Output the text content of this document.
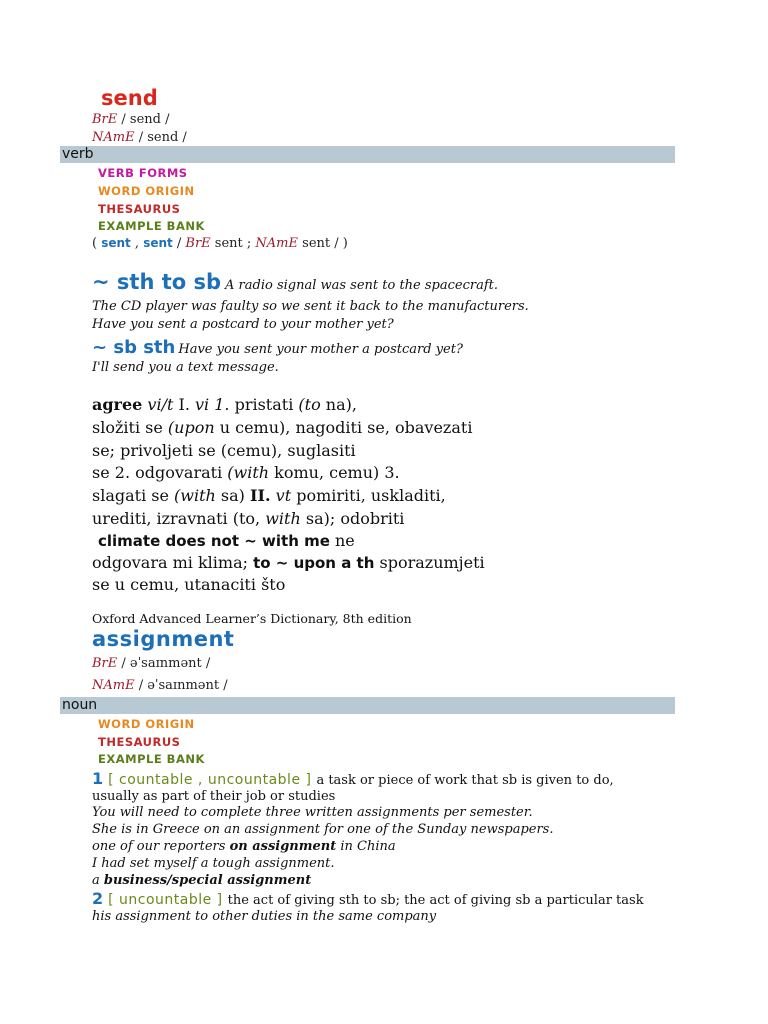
send
BrE / send /
NAmE / send /
verb
VERB FORMS
WORD ORIGIN
THESAURUS
EXAMPLE BANK
( sent , sent / BrE sent ; NAmE sent / )
~ sth to sb A radio signal was sent to the spacecraft.
The CD player was faulty so we sent it back to the manufacturers.
Have you sent a postcard to your mother yet?
~ sb sth Have you sent your mother a postcard yet?
I'll send you a text message.
agree vi/t I. vi 1. pristati (to na),
složiti se (upon u cemu), nagoditi se, obavezati
se; privoljeti se (cemu), suglasiti
se 2. odgovarati (with komu, cemu) 3.
slagati se (with sa) II. vt pomiriti, uskladiti,
urediti, izravnati (to, with sa); odobriti
climate does not ~ with me ne
odgovara mi klima; to ~ upon a th sporazumjeti
se u cemu, utanaciti što
Oxford Advanced Learner’s Dictionary, 8th edition
assignment
BrE / əˈsaɪnmənt /
NAmE / əˈsaɪnmənt /
noun
WORD ORIGIN
THESAURUS
EXAMPLE BANK
1 [ countable , uncountable ] a task or piece of work that sb is given to do,
usually as part of their job or studies
You will need to complete three written assignments per semester.
She is in Greece on an assignment for one of the Sunday newspapers.
one of our reporters on assignment in China
I had set myself a tough assignment.
a business/special assignment
2 [ uncountable ] the act of giving sth to sb; the act of giving sb a particular task
his assignment to other duties in the same company
